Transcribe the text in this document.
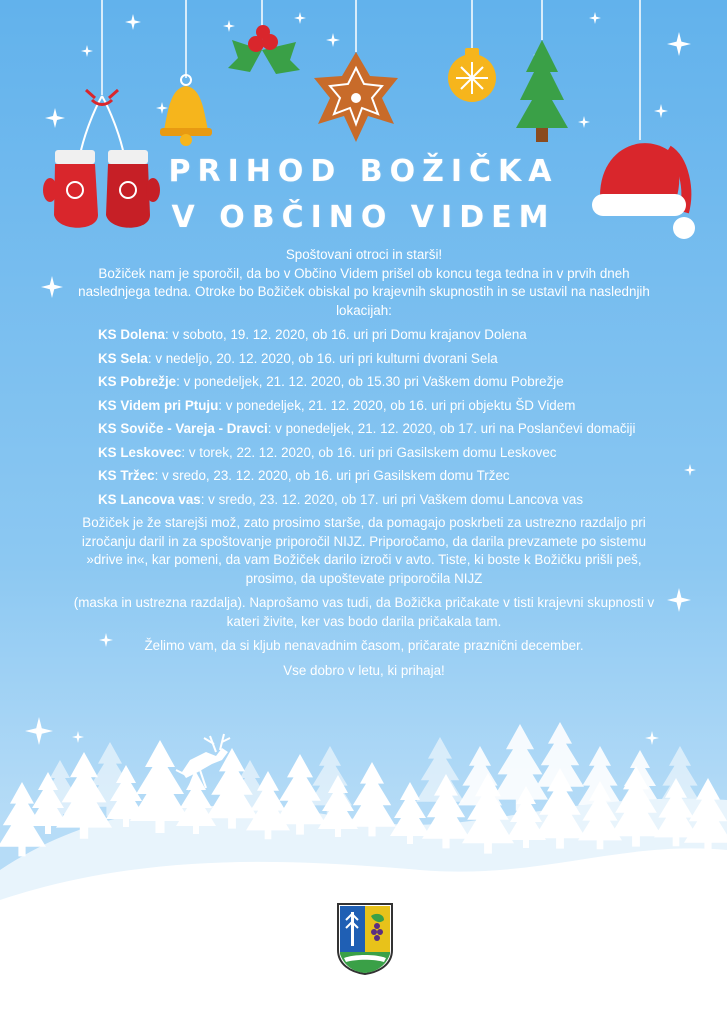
PRIHOD BOŽIČKA
V OBČINO VIDEM

Spoštovani otroci in starši!

Božiček nam je sporočil, da bo v Občino Videm prišel ob koncu tega tedna in v prvih dneh naslednjega tedna. Otroke bo Božiček obiskal po krajevnih skupnostih in se ustavil na naslednjih lokacijah:

KS Dolena: v soboto, 19. 12. 2020, ob 16. uri pri Domu krajanov Dolena

KS Sela: v nedeljo, 20. 12. 2020, ob 16. uri pri kulturni dvorani Sela

KS Pobrežje: v ponedeljek, 21. 12. 2020, ob 15.30 pri Vaškem domu Pobrežje

KS Videm pri Ptuju: v ponedeljek, 21. 12. 2020, ob 16. uri pri objektu ŠD Videm

KS Soviče - Vareja - Dravci: v ponedeljek, 21. 12. 2020, ob 17. uri na Poslančevi domačiji

KS Leskovec: v torek, 22. 12. 2020, ob 16. uri pri Gasilskem domu Leskovec

KS Tržec: v sredo, 23. 12. 2020, ob 16. uri pri Gasilskem domu Tržec

KS Lancova vas: v sredo, 23. 12. 2020, ob 17. uri pri Vaškem domu Lancova vas

Božiček je že starejši mož, zato prosimo starše, da pomagajo poskrbeti za ustrezno razdaljo pri izročanju daril in za spoštovanje priporočil NIJZ. Priporočamo, da darila prevzamete po sistemu »drive in«, kar pomeni, da vam Božiček darilo izroči v avto. Tiste, ki boste k Božičku prišli peš, prosimo, da upoštevate priporočila NIJZ

(maska in ustrezna razdalja). Naprošamo vas tudi, da Božička pričakate v tisti krajevni skupnosti v kateri živite, ker vas bodo darila pričakala tam.

Želimo vam, da si kljub nenavadnim časom, pričarate praznični december.

Vse dobro v letu, ki prihaja!
